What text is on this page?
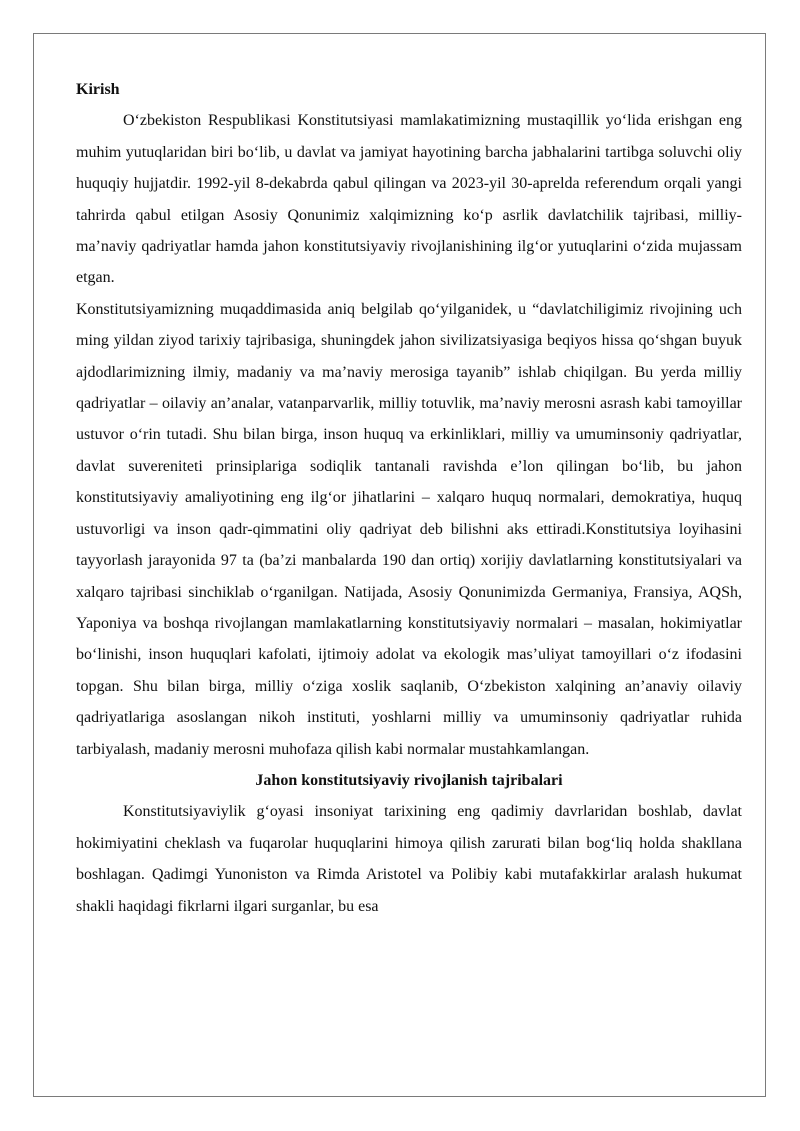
Kirish

O‘zbekiston Respublikasi Konstitutsiyasi mamlakatimizning mustaqillik yo‘lida erishgan eng muhim yutuqlaridan biri bo‘lib, u davlat va jamiyat hayotining barcha jabhalarini tartibga soluvchi oliy huquqiy hujjatdir. 1992-yil 8-dekabrda qabul qilingan va 2023-yil 30-aprelda referendum orqali yangi tahrirda qabul etilgan Asosiy Qonunimiz xalqimizning ko‘p asrlik davlatchilik tajribasi, milliy-ma’naviy qadriyatlar hamda jahon konstitutsiyaviy rivojlanishining ilg‘or yutuqlarini o‘zida mujassam etgan.

Konstitutsiyamizning muqaddimasida aniq belgilab qo‘yilganidek, u “davlatchiligimiz rivojining uch ming yildan ziyod tarixiy tajribasiga, shuningdek jahon sivilizatsiyasiga beqiyos hissa qo‘shgan buyuk ajdodlarimizning ilmiy, madaniy va ma’naviy merosiga tayanib” ishlab chiqilgan. Bu yerda milliy qadriyatlar – oilaviy an’analar, vatanparvarlik, milliy totuvlik, ma’naviy merosni asrash kabi tamoyillar ustuvor o‘rin tutadi. Shu bilan birga, inson huquq va erkinliklari, milliy va umuminsoniy qadriyatlar, davlat suvereniteti prinsiplariga sodiqlik tantanali ravishda e’lon qilingan bo‘lib, bu jahon konstitutsiyaviy amaliyotining eng ilg‘or jihatlarini – xalqaro huquq normalari, demokratiya, huquq ustuvorligi va inson qadr-qimmatini oliy qadriyat deb bilishni aks ettiradi.Konstitutsiya loyihasini tayyorlash jarayonida 97 ta (ba’zi manbalarda 190 dan ortiq) xorijiy davlatlarning konstitutsiyalari va xalqaro tajribasi sinchiklab o‘rganilgan. Natijada, Asosiy Qonunimizda Germaniya, Fransiya, AQSh, Yaponiya va boshqa rivojlangan mamlakatlarning konstitutsiyaviy normalari – masalan, hokimiyatlar bo‘linishi, inson huquqlari kafolati, ijtimoiy adolat va ekologik mas’uliyat tamoyillari o‘z ifodasini topgan. Shu bilan birga, milliy o‘ziga xoslik saqlanib, O‘zbekiston xalqining an’anaviy oilaviy qadriyatlariga asoslangan nikoh instituti, yoshlarni milliy va umuminsoniy qadriyatlar ruhida tarbiyalash, madaniy merosni muhofaza qilish kabi normalar mustahkamlangan.

Jahon konstitutsiyaviy rivojlanish tajribalari

Konstitutsiyaviylik g‘oyasi insoniyat tarixining eng qadimiy davrlaridan boshlab, davlat hokimiyatini cheklash va fuqarolar huquqlarini himoya qilish zarurati bilan bog‘liq holda shakllana boshlagan. Qadimgi Yunoniston va Rimda Aristotel va Polibiy kabi mutafakkirlar aralash hukumat shakli haqidagi fikrlarni ilgari surganlar, bu esa
